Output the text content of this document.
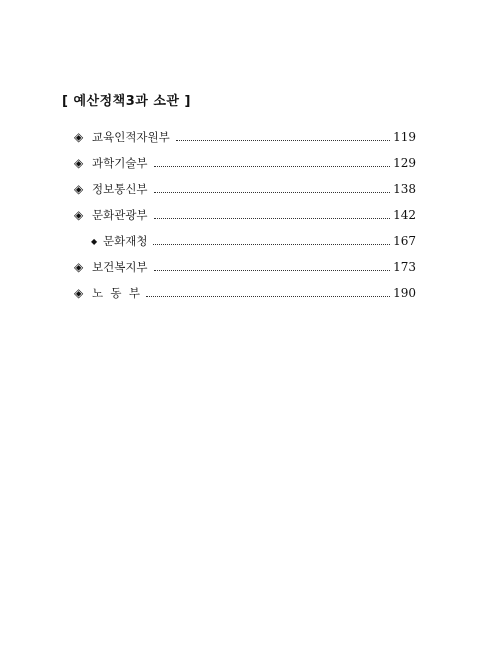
[ 예산정책3과 소관 ]
◈ 교육인적자원부	119
◈ 과학기술부	129
◈ 정보통신부	138
◈ 문화관광부	142
◆ 문화재청	167
◈ 보건복지부	173
◈ 노  동  부	190
